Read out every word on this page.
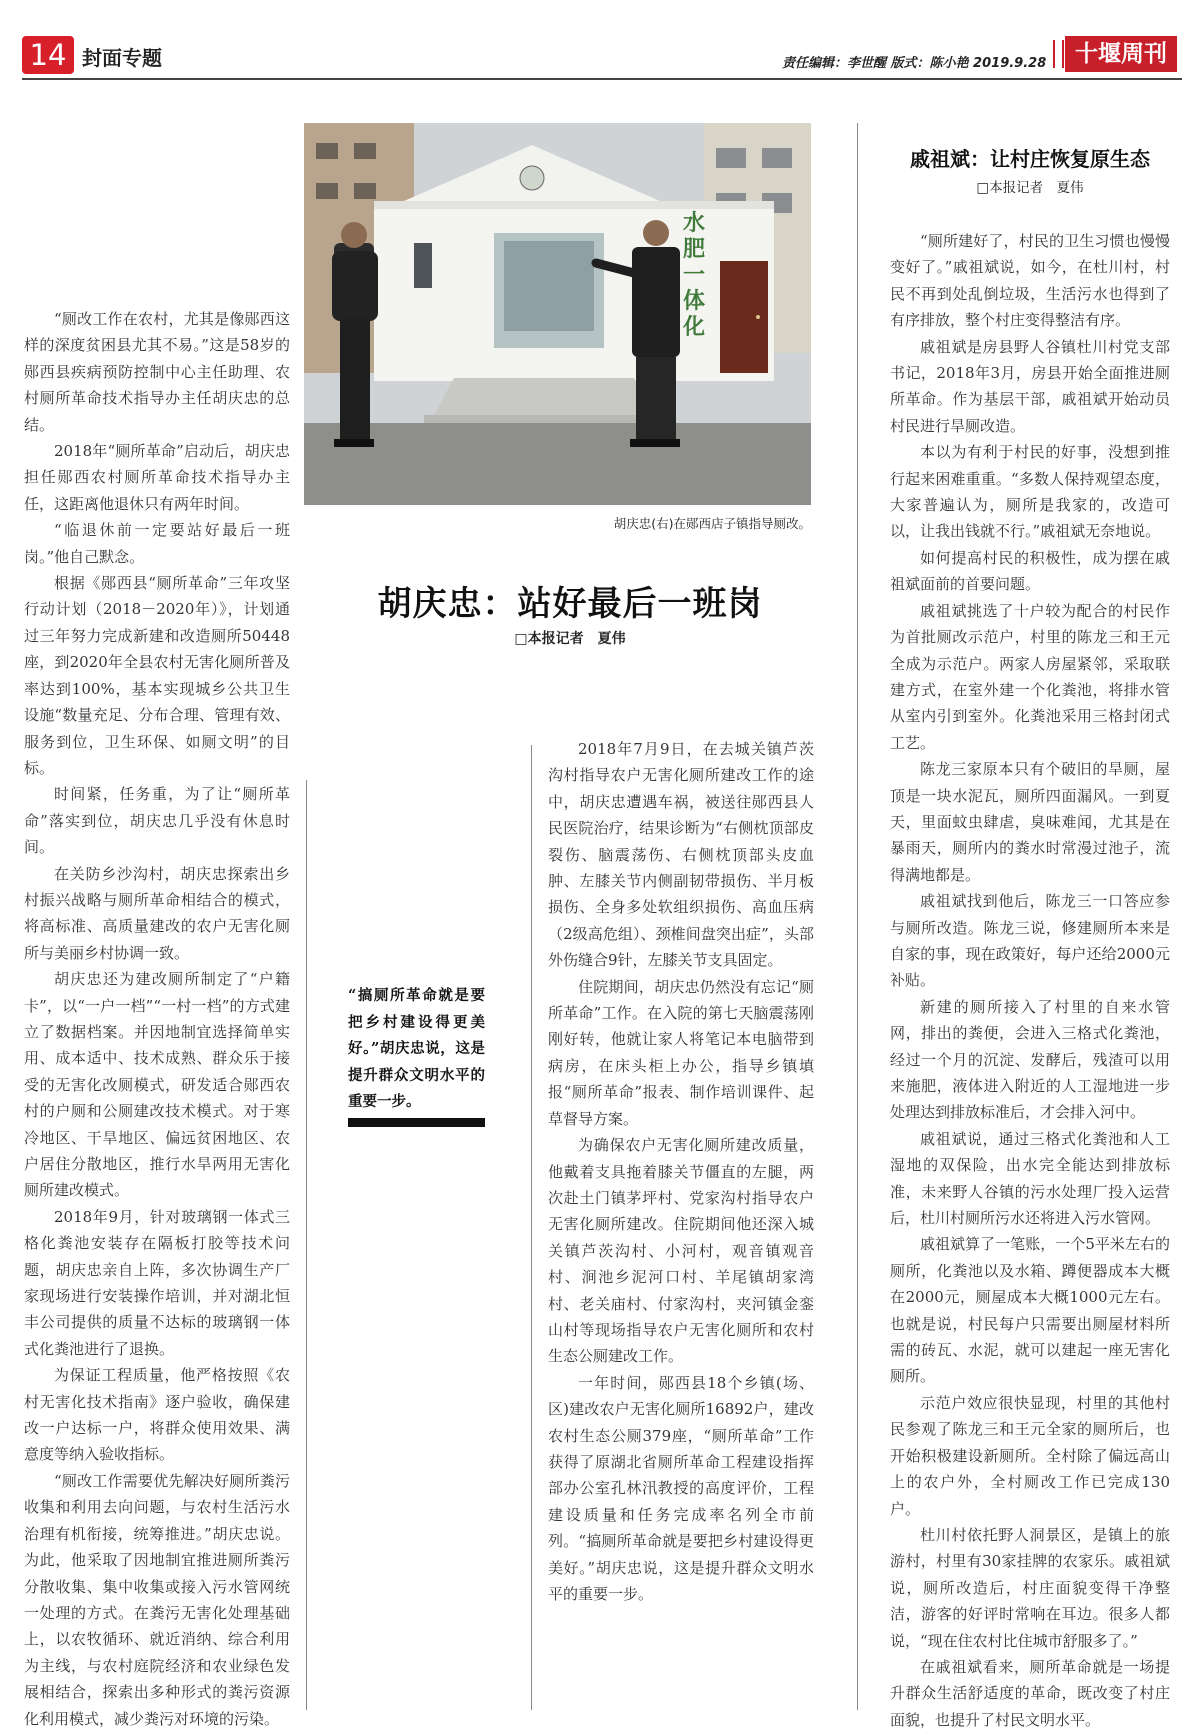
14 封面专题	责任编辑：李世醒 版式：陈小艳 2019.9.28	十堰周刊

“厕改工作在农村，尤其是像郧西这样的深度贫困县尤其不易。”这是58岁的郧西县疾病预防控制中心主任助理、农村厕所革命技术指导办主任胡庆忠的总结。

2018年“厕所革命”启动后，胡庆忠担任郧西农村厕所革命技术指导办主任，这距离他退休只有两年时间。

“临退休前一定要站好最后一班岗。”他自己默念。

根据《郧西县“厕所革命”三年攻坚行动计划（2018－2020年）》，计划通过三年努力完成新建和改造厕所50448座，到2020年全县农村无害化厕所普及率达到100%，基本实现城乡公共卫生设施“数量充足、分布合理、管理有效、服务到位，卫生环保、如厕文明”的目标。

时间紧，任务重，为了让“厕所革命”落实到位，胡庆忠几乎没有休息时间。

在关防乡沙沟村，胡庆忠探索出乡村振兴战略与厕所革命相结合的模式，将高标准、高质量建改的农户无害化厕所与美丽乡村协调一致。

胡庆忠还为建改厕所制定了“户籍卡”，以“一户一档”“一村一档”的方式建立了数据档案。并因地制宜选择简单实用、成本适中、技术成熟、群众乐于接受的无害化改厕模式，研发适合郧西农村的户厕和公厕建改技术模式。对于寒冷地区、干旱地区、偏远贫困地区、农户居住分散地区，推行水旱两用无害化厕所建改模式。

2018年9月，针对玻璃钢一体式三格化粪池安装存在隔板打胶等技术问题，胡庆忠亲自上阵，多次协调生产厂家现场进行安装操作培训，并对湖北恒丰公司提供的质量不达标的玻璃钢一体式化粪池进行了退换。

为保证工程质量，他严格按照《农村无害化技术指南》逐户验收，确保建改一户达标一户，将群众使用效果、满意度等纳入验收指标。

“厕改工作需要优先解决好厕所粪污收集和利用去向问题，与农村生活污水治理有机衔接，统筹推进。”胡庆忠说。为此，他采取了因地制宜推进厕所粪污分散收集、集中收集或接入污水管网统一处理的方式。在粪污无害化处理基础上，以农牧循环、就近消纳、综合利用为主线，与农村庭院经济和农业绿色发展相结合，探索出多种形式的粪污资源化利用模式，减少粪污对环境的污染。

水肥一体化
胡庆忠(右)在郧西店子镇指导厕改。
胡庆忠：站好最后一班岗
□本报记者　夏伟
“搞厕所革命就是要把乡村建设得更美好。”胡庆忠说，这是提升群众文明水平的重要一步。

2018年7月9日，在去城关镇芦茨沟村指导农户无害化厕所建改工作的途中，胡庆忠遭遇车祸，被送往郧西县人民医院治疗，结果诊断为“右侧枕顶部皮裂伤、脑震荡伤、右侧枕顶部头皮血肿、左膝关节内侧副韧带损伤、半月板损伤、全身多处软组织损伤、高血压病（2级高危组）、颈椎间盘突出症”，头部外伤缝合9针，左膝关节支具固定。

住院期间，胡庆忠仍然没有忘记“厕所革命”工作。在入院的第七天脑震荡刚刚好转，他就让家人将笔记本电脑带到病房，在床头柜上办公，指导乡镇填报“厕所革命”报表、制作培训课件、起草督导方案。

为确保农户无害化厕所建改质量，他戴着支具拖着膝关节僵直的左腿，两次赴土门镇茅坪村、党家沟村指导农户无害化厕所建改。住院期间他还深入城关镇芦茨沟村、小河村，观音镇观音村、涧池乡泥河口村、羊尾镇胡家湾村、老关庙村、付家沟村，夹河镇金銮山村等现场指导农户无害化厕所和农村生态公厕建改工作。

一年时间，郧西县18个乡镇(场、区)建改农户无害化厕所16892户，建改农村生态公厕379座，“厕所革命”工作获得了原湖北省厕所革命工程建设指挥部办公室孔林汛教授的高度评价，工程建设质量和任务完成率名列全市前列。“搞厕所革命就是要把乡村建设得更美好。”胡庆忠说，这是提升群众文明水平的重要一步。

戚祖斌：让村庄恢复原生态
□本报记者　夏伟

“厕所建好了，村民的卫生习惯也慢慢变好了。”戚祖斌说，如今，在杜川村，村民不再到处乱倒垃圾，生活污水也得到了有序排放，整个村庄变得整洁有序。

戚祖斌是房县野人谷镇杜川村党支部书记，2018年3月，房县开始全面推进厕所革命。作为基层干部，戚祖斌开始动员村民进行旱厕改造。

本以为有利于村民的好事，没想到推行起来困难重重。“多数人保持观望态度，大家普遍认为，厕所是我家的，改造可以，让我出钱就不行。”戚祖斌无奈地说。

如何提高村民的积极性，成为摆在戚祖斌面前的首要问题。

戚祖斌挑选了十户较为配合的村民作为首批厕改示范户，村里的陈龙三和王元全成为示范户。两家人房屋紧邻，采取联建方式，在室外建一个化粪池，将排水管从室内引到室外。化粪池采用三格封闭式工艺。

陈龙三家原本只有个破旧的旱厕，屋顶是一块水泥瓦，厕所四面漏风。一到夏天，里面蚊虫肆虐，臭味难闻，尤其是在暴雨天，厕所内的粪水时常漫过池子，流得满地都是。

戚祖斌找到他后，陈龙三一口答应参与厕所改造。陈龙三说，修建厕所本来是自家的事，现在政策好，每户还给2000元补贴。

新建的厕所接入了村里的自来水管网，排出的粪便，会进入三格式化粪池，经过一个月的沉淀、发酵后，残渣可以用来施肥，液体进入附近的人工湿地进一步处理达到排放标准后，才会排入河中。

戚祖斌说，通过三格式化粪池和人工湿地的双保险，出水完全能达到排放标准，未来野人谷镇的污水处理厂投入运营后，杜川村厕所污水还将进入污水管网。

戚祖斌算了一笔账，一个5平米左右的厕所，化粪池以及水箱、蹲便器成本大概在2000元，厕屋成本大概1000元左右。也就是说，村民每户只需要出厕屋材料所需的砖瓦、水泥，就可以建起一座无害化厕所。

示范户效应很快显现，村里的其他村民参观了陈龙三和王元全家的厕所后，也开始积极建设新厕所。全村除了偏远高山上的农户外，全村厕改工作已完成130户。

杜川村依托野人洞景区，是镇上的旅游村，村里有30家挂牌的农家乐。戚祖斌说，厕所改造后，村庄面貌变得干净整洁，游客的好评时常响在耳边。很多人都说，“现在住农村比住城市舒服多了。”

在戚祖斌看来，厕所革命就是一场提升群众生活舒适度的革命，既改变了村庄面貌，也提升了村民文明水平。
